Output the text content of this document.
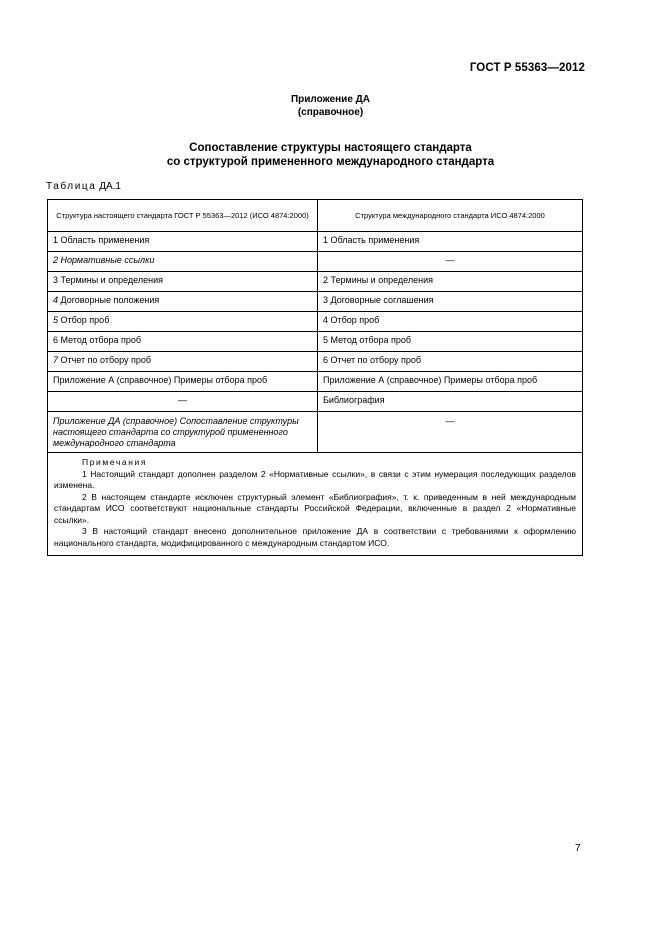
ГОСТ Р 55363—2012
Приложение ДА
(справочное)
Сопоставление структуры настоящего стандарта
со структурой примененного международного стандарта
Таблица ДА.1
Структура настоящего стандарта ГОСТ Р 55363—2012 (ИСО 4874:2000)	Структура международного стандарта ИСО 4874:2000
1 Область применения	1 Область применения
2 Нормативные ссылки	—
3 Термины и определения	2 Термины и определения
4 Договорные положения	3 Договорные соглашения
5 Отбор проб	4 Отбор проб
6 Метод отбора проб	5 Метод отбора проб
7 Отчет по отбору проб	6 Отчет по отбору проб
Приложение А (справочное) Примеры отбора проб	Приложение А (справочное) Примеры отбора проб
—	Библиография
Приложение ДА (справочное) Сопоставление структуры настоящего стандарта со структурой примененного международного стандарта	—

Примечания
1 Настоящий стандарт дополнен разделом 2 «Нормативные ссылки», в связи с этим нумерация последующих разделов изменена.
2 В настоящем стандарте исключен структурный элемент «Библиография», т. к. приведенным в ней международным стандартам ИСО соответствуют национальные стандарты Российской Федерации, включенные в раздел 2 «Нормативные ссылки».
3 В настоящий стандарт внесено дополнительное приложение ДА в соответствии с требованиями к оформлению национального стандарта, модифицированного с международным стандартом ИСО.	
7
